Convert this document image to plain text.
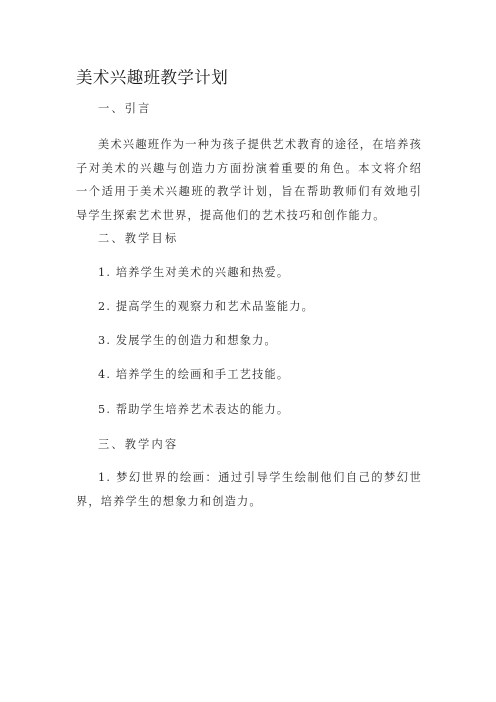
美术兴趣班教学计划
一、引言

美术兴趣班作为一种为孩子提供艺术教育的途径，在培养孩子对美术的兴趣与创造力方面扮演着重要的角色。本文将介绍一个适用于美术兴趣班的教学计划，旨在帮助教师们有效地引导学生探索艺术世界，提高他们的艺术技巧和创作能力。

二、教学目标
1. 培养学生对美术的兴趣和热爱。
2. 提高学生的观察力和艺术品鉴能力。
3. 发展学生的创造力和想象力。
4. 培养学生的绘画和手工艺技能。
5. 帮助学生培养艺术表达的能力。
三、教学内容

1. 梦幻世界的绘画：通过引导学生绘制他们自己的梦幻世界，培养学生的想象力和创造力。
